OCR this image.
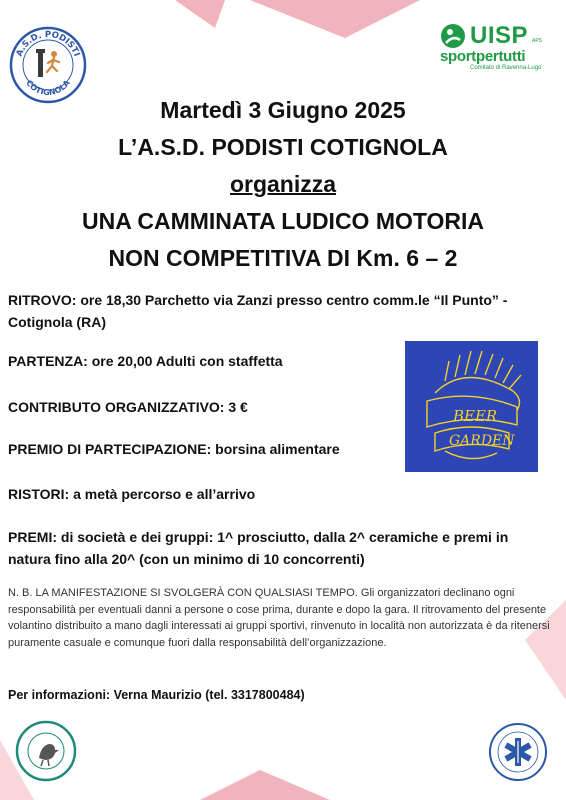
A.S.D. PODISTI
COTIGNOLA
UISP APS
sportpertutti
Comitato di Ravenna-Lugo
Martedì 3 Giugno 2025
L’A.S.D. PODISTI COTIGNOLA
organizza
UNA CAMMINATA LUDICO MOTORIA
NON COMPETITIVA DI Km. 6 – 2
RITROVO: ore 18,30 Parchetto via Zanzi presso centro comm.le “Il Punto” - Cotignola (RA)
PARTENZA: ore 20,00 Adulti con staffetta
CONTRIBUTO ORGANIZZATIVO: 3 €
PREMIO DI PARTECIPAZIONE: borsina alimentare
RISTORI: a metà percorso e all’arrivo
PREMI: di società e dei gruppi: 1^ prosciutto, dalla 2^ ceramiche e premi in natura fino alla 20^ (con un minimo di 10 concorrenti)
BEER
GARDEN
N. B. LA MANIFESTAZIONE SI SVOLGERÀ CON QUALSIASI TEMPO. Gli organizzatori declinano ogni responsabilità per eventuali danni a persone o cose prima, durante e dopo la gara. Il ritrovamento del presente volantino distribuito a mano dagli interessati ai gruppi sportivi, rinvenuto in località non autorizzata è da ritenersi puramente casuale e comunque fuori dalla responsabilità dell’organizzazione.
Per informazioni: Verna Maurizio (tel. 3317800484)
